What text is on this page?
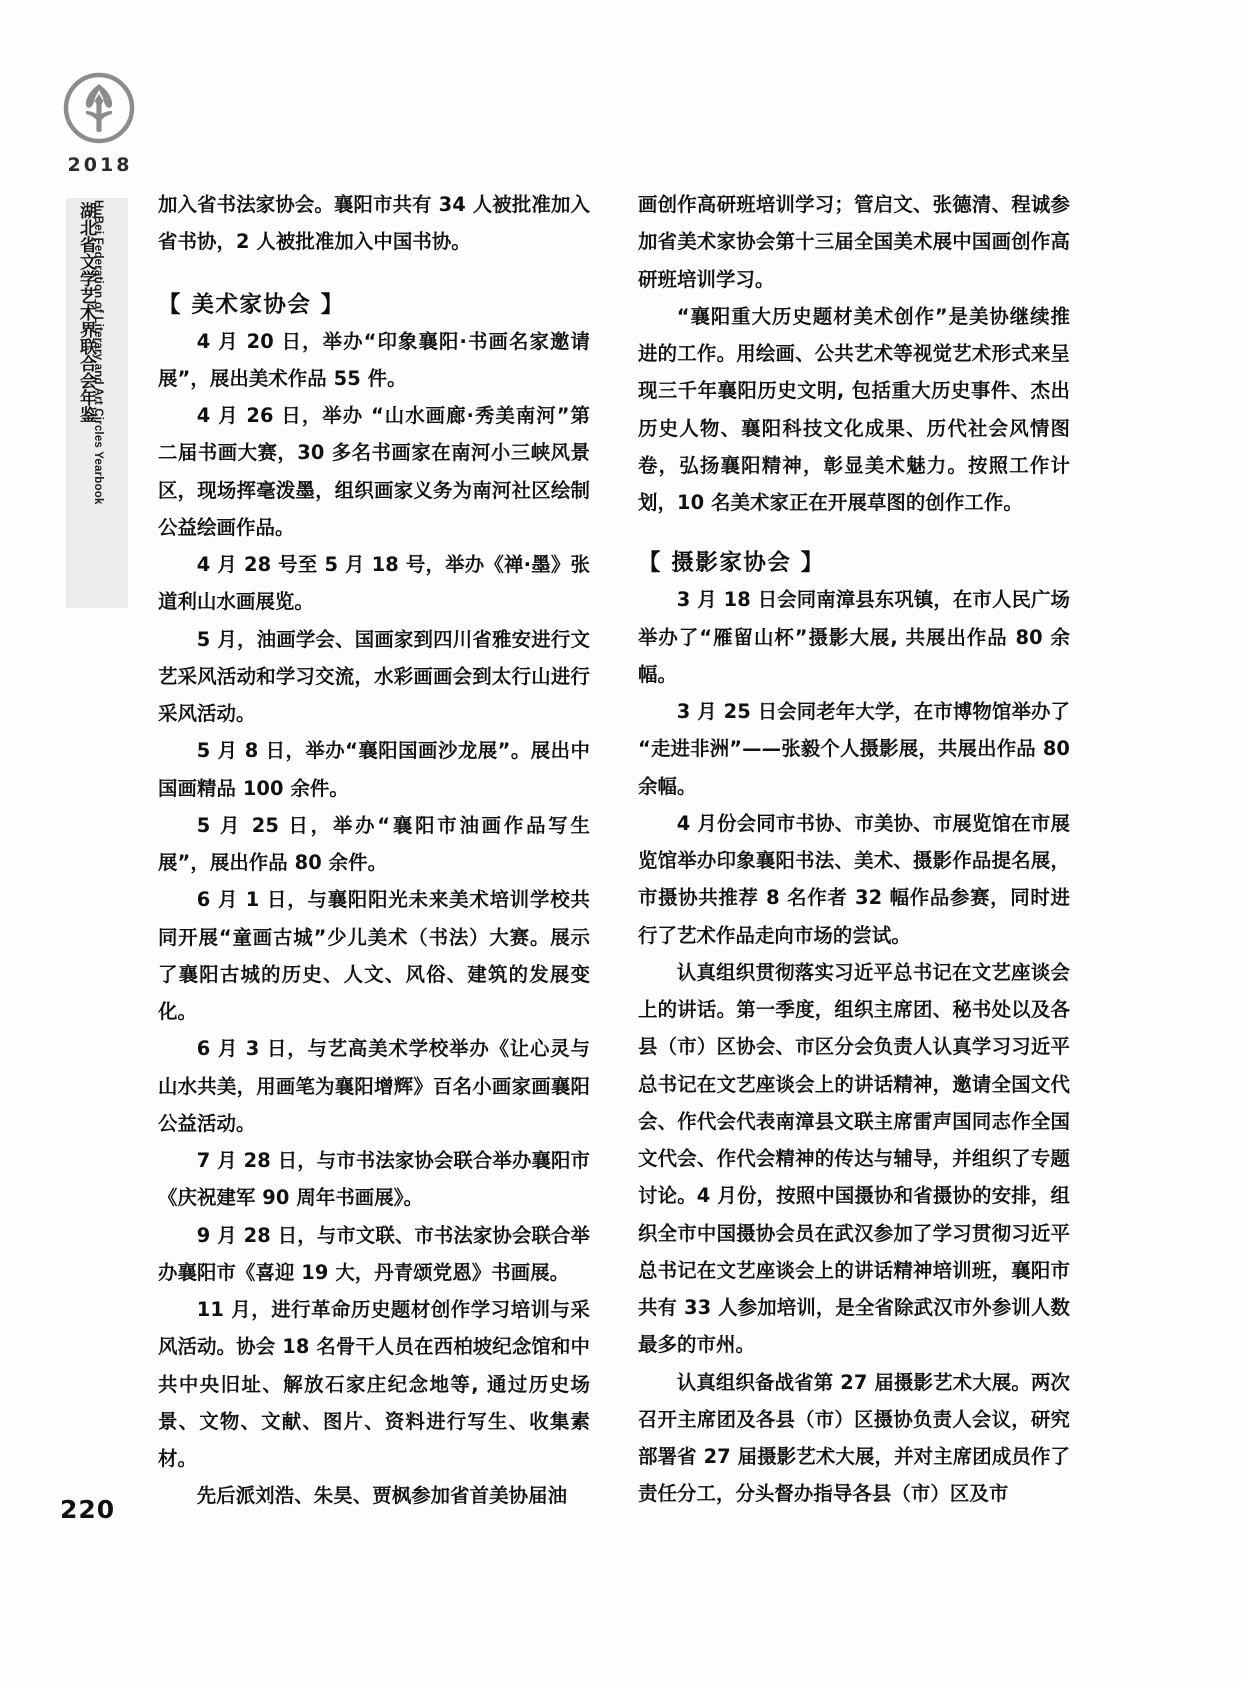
2018
湖北省文学艺术界联合会年鉴
HuBei Federation of Literary and Art Circles Yearbook
220

加入省书法家协会。襄阳市共有 34 人被批准加入省书协，2 人被批准加入中国书协。

【 美术家协会 】

4 月 20 日，举办“印象襄阳·书画名家邀请展”，展出美术作品 55 件。

4 月 26 日，举办 “山水画廊·秀美南河”第二届书画大赛，30 多名书画家在南河小三峡风景区，现场挥毫泼墨，组织画家义务为南河社区绘制公益绘画作品。

4 月 28 号至 5 月 18 号，举办《禅·墨》张道利山水画展览。

5 月，油画学会、国画家到四川省雅安进行文艺采风活动和学习交流，水彩画画会到太行山进行采风活动。

5 月 8 日，举办“襄阳国画沙龙展”。展出中国画精品 100 余件。

5 月 25 日，举办“襄阳市油画作品写生展”，展出作品 80 余件。

6 月 1 日，与襄阳阳光未来美术培训学校共同开展“童画古城”少儿美术（书法）大赛。展示了襄阳古城的历史、人文、风俗、建筑的发展变化。

6 月 3 日，与艺高美术学校举办《让心灵与山水共美，用画笔为襄阳增辉》百名小画家画襄阳公益活动。

7 月 28 日，与市书法家协会联合举办襄阳市《庆祝建军 90 周年书画展》。

9 月 28 日，与市文联、市书法家协会联合举办襄阳市《喜迎 19 大，丹青颂党恩》书画展。

11 月，进行革命历史题材创作学习培训与采风活动。协会 18 名骨干人员在西柏坡纪念馆和中共中央旧址、解放石家庄纪念地等, 通过历史场景、文物、文献、图片、资料进行写生、收集素材。

先后派刘浩、朱昊、贾枫参加省首美协届油

画创作高研班培训学习；管启文、张德清、程诚参加省美术家协会第十三届全国美术展中国画创作高研班培训学习。

“襄阳重大历史题材美术创作”是美协继续推进的工作。用绘画、公共艺术等视觉艺术形式来呈现三千年襄阳历史文明, 包括重大历史事件、杰出历史人物、襄阳科技文化成果、历代社会风情图卷，弘扬襄阳精神，彰显美术魅力。按照工作计划，10 名美术家正在开展草图的创作工作。

【 摄影家协会 】

3 月 18 日会同南漳县东巩镇，在市人民广场举办了“雁留山杯”摄影大展, 共展出作品 80 余幅。

3 月 25 日会同老年大学，在市博物馆举办了“走进非洲”——张毅个人摄影展，共展出作品 80 余幅。

4 月份会同市书协、市美协、市展览馆在市展览馆举办印象襄阳书法、美术、摄影作品提名展，市摄协共推荐 8 名作者 32 幅作品参赛，同时进行了艺术作品走向市场的尝试。

认真组织贯彻落实习近平总书记在文艺座谈会上的讲话。第一季度，组织主席团、秘书处以及各县（市）区协会、市区分会负责人认真学习习近平总书记在文艺座谈会上的讲话精神，邀请全国文代会、作代会代表南漳县文联主席雷声国同志作全国文代会、作代会精神的传达与辅导，并组织了专题讨论。4 月份，按照中国摄协和省摄协的安排，组织全市中国摄协会员在武汉参加了学习贯彻习近平总书记在文艺座谈会上的讲话精神培训班，襄阳市共有 33 人参加培训，是全省除武汉市外参训人数最多的市州。

认真组织备战省第 27 届摄影艺术大展。两次召开主席团及各县（市）区摄协负责人会议，研究部署省 27 届摄影艺术大展，并对主席团成员作了责任分工，分头督办指导各县（市）区及市
